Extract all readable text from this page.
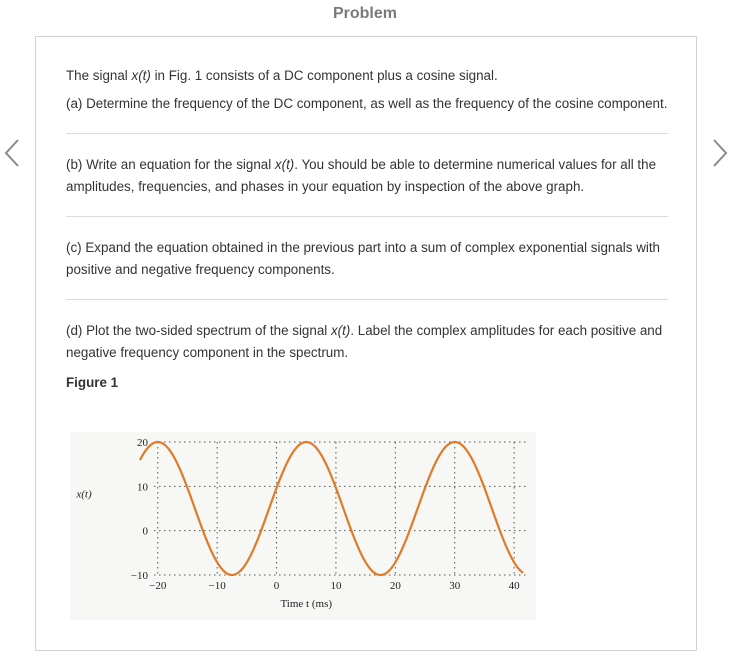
Problem

The signal x(t) in Fig. 1 consists of a DC component plus a cosine signal.

(a) Determine the frequency of the DC component, as well as the frequency of the cosine component.

(b) Write an equation for the signal x(t). You should be able to determine numerical values for all the amplitudes, frequencies, and phases in your equation by inspection of the above graph.

(c) Expand the equation obtained in the previous part into a sum of complex exponential signals with positive and negative frequency components.

(d) Plot the two-sided spectrum of the signal x(t). Label the complex amplitudes for each positive and negative frequency component in the spectrum.

Figure 1
−10
0
10
20
−20	−10	0	10	20	30	40
x(t)
Time t (ms)
